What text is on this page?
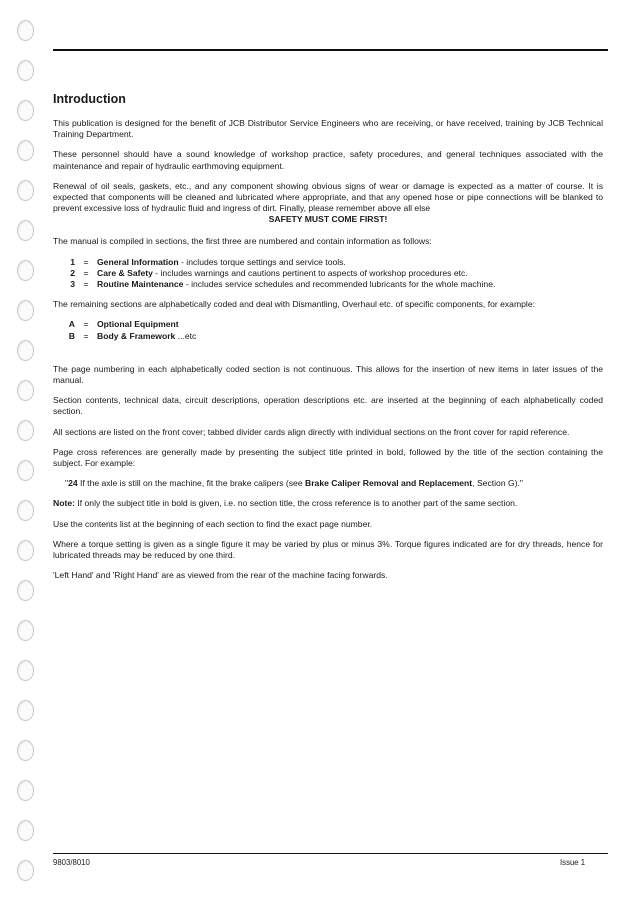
Introduction

This publication is designed for the benefit of JCB Distributor Service Engineers who are receiving, or have received, training by JCB Technical Training Department.

These personnel should have a sound knowledge of workshop practice, safety procedures, and general techniques associated with the maintenance and repair of hydraulic earthmoving equipment.

Renewal of oil seals, gaskets, etc., and any component showing obvious signs of wear or damage is expected as a matter of course. It is expected that components will be cleaned and lubricated where appropriate, and that any opened hose or pipe connections will be blanked to prevent excessive loss of hydraulic fluid and ingress of dirt. Finally, please remember above all else

SAFETY MUST COME FIRST!

The manual is compiled in sections, the first three are numbered and contain information as follows:

1 = General Information - includes torque settings and service tools.
2 = Care & Safety - includes warnings and cautions pertinent to aspects of workshop procedures etc.
3 = Routine Maintenance - includes service schedules and recommended lubricants for the whole machine.

The remaining sections are alphabetically coded and deal with Dismantling, Overhaul etc. of specific components, for example:

A = Optional Equipment
B = Body & Framework ...etc

The page numbering in each alphabetically coded section is not continuous. This allows for the insertion of new items in later issues of the manual.

Section contents, technical data, circuit descriptions, operation descriptions etc. are inserted at the beginning of each alphabetically coded section.

All sections are listed on the front cover; tabbed divider cards align directly with individual sections on the front cover for rapid reference.

Page cross references are generally made by presenting the subject title printed in bold, followed by the title of the section containing the subject. For example:

"24 If the axle is still on the machine, fit the brake calipers (see Brake Caliper Removal and Replacement, Section G)."

Note: If only the subject title in bold is given, i.e. no section title, the cross reference is to another part of the same section.

Use the contents list at the beginning of each section to find the exact page number.

Where a torque setting is given as a single figure it may be varied by plus or minus 3%. Torque figures indicated are for dry threads, hence for lubricated threads may be reduced by one third.

'Left Hand' and 'Right Hand' are as viewed from the rear of the machine facing forwards.

9803/8010	Issue 1
